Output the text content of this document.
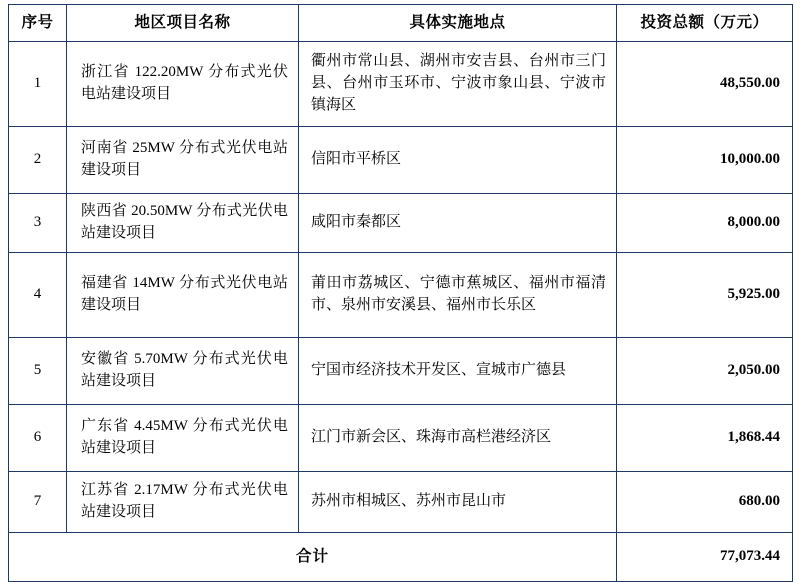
序号	地区项目名称	具体实施地点	投资总额（万元）
1	浙江省 122.20MW 分布式光伏电站建设项目	衢州市常山县、湖州市安吉县、台州市三门县、台州市玉环市、宁波市象山县、宁波市镇海区	48,550.00
2	河南省 25MW 分布式光伏电站建设项目	信阳市平桥区	10,000.00
3	陕西省 20.50MW 分布式光伏电站建设项目	咸阳市秦都区	8,000.00
4	福建省 14MW 分布式光伏电站建设项目	莆田市荔城区、宁德市蕉城区、福州市福清市、泉州市安溪县、福州市长乐区	5,925.00
5	安徽省 5.70MW 分布式光伏电站建设项目	宁国市经济技术开发区、宣城市广德县	2,050.00
6	广东省 4.45MW 分布式光伏电站建设项目	江门市新会区、珠海市高栏港经济区	1,868.44
7	江苏省 2.17MW 分布式光伏电站建设项目	苏州市相城区、苏州市昆山市	680.00
合计			77,073.44
